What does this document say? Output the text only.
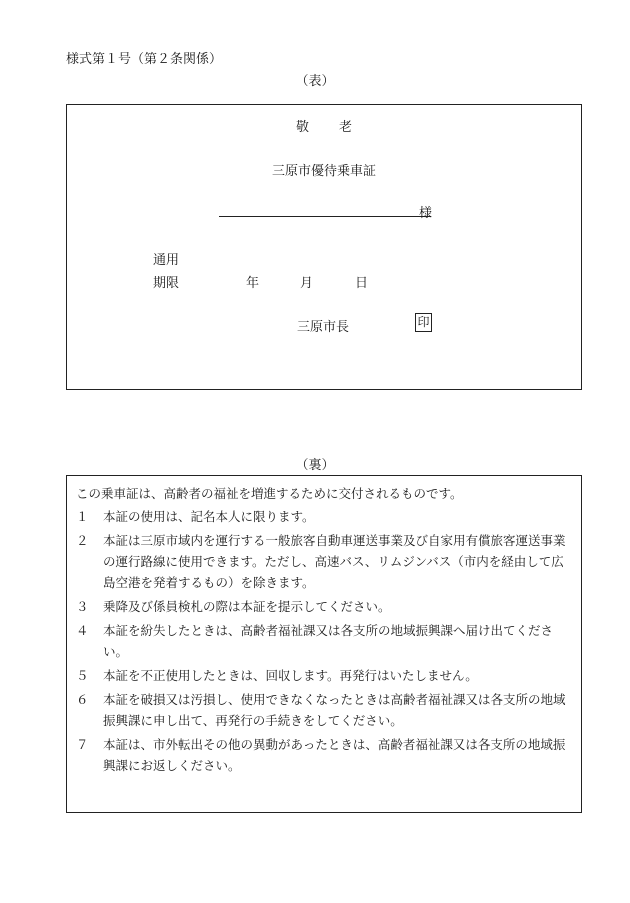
様式第１号（第２条関係）
（表）
敬老
三原市優待乗車証
様
通用
期限	年	月	日
三原市長	印
（裏）
この乗車証は、高齢者の福祉を増進するために交付されるものです。
１	本証の使用は、記名本人に限ります。
２	本証は三原市域内を運行する一般旅客自動車運送事業及び自家用有償旅客運送事業の運行路線に使用できます。ただし、高速バス、リムジンバス（市内を経由して広島空港を発着するもの）を除きます。
３	乗降及び係員検札の際は本証を提示してください。
４	本証を紛失したときは、高齢者福祉課又は各支所の地域振興課へ届け出てください。
５	本証を不正使用したときは、回収します。再発行はいたしません。
６	本証を破損又は汚損し、使用できなくなったときは高齢者福祉課又は各支所の地域振興課に申し出て、再発行の手続きをしてください。
７	本証は、市外転出その他の異動があったときは、高齢者福祉課又は各支所の地域振興課にお返しください。
